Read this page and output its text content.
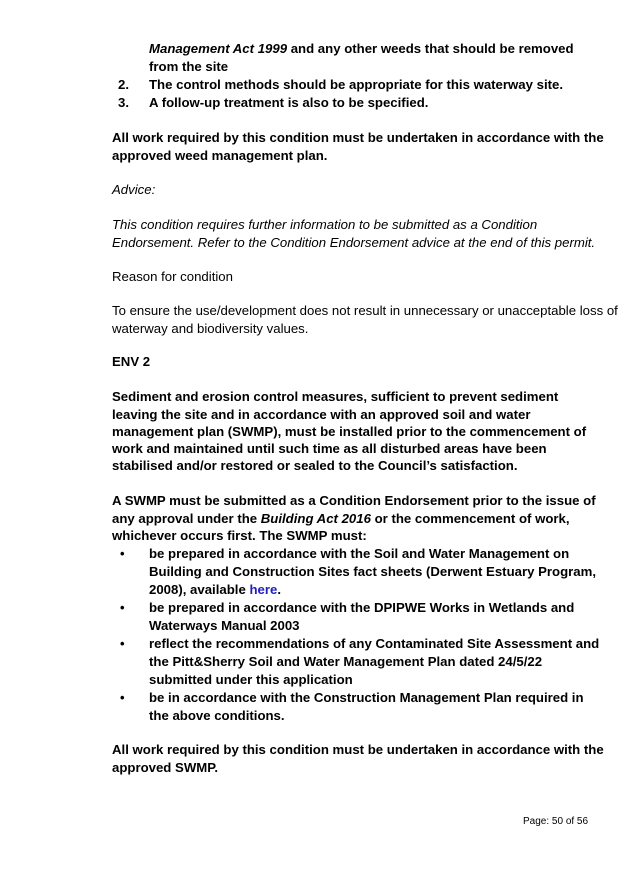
Management Act 1999 and any other weeds that should be removed
from the site
2. The control methods should be appropriate for this waterway site.
3. A follow-up treatment is also to be specified.
All work required by this condition must be undertaken in accordance with the
approved weed management plan.
Advice:
This condition requires further information to be submitted as a Condition
Endorsement. Refer to the Condition Endorsement advice at the end of this permit.
Reason for condition
To ensure the use/development does not result in unnecessary or unacceptable loss of
waterway and biodiversity values.
ENV 2
Sediment and erosion control measures, sufficient to prevent sediment
leaving the site and in accordance with an approved soil and water
management plan (SWMP), must be installed prior to the commencement of
work and maintained until such time as all disturbed areas have been
stabilised and/or restored or sealed to the Council’s satisfaction.
A SWMP must be submitted as a Condition Endorsement prior to the issue of
any approval under the Building Act 2016 or the commencement of work,
whichever occurs first. The SWMP must:
• be prepared in accordance with the Soil and Water Management on
Building and Construction Sites fact sheets (Derwent Estuary Program,
2008), available here.
• be prepared in accordance with the DPIPWE Works in Wetlands and
Waterways Manual 2003
• reflect the recommendations of any Contaminated Site Assessment and
the Pitt&Sherry Soil and Water Management Plan dated 24/5/22
submitted under this application
• be in accordance with the Construction Management Plan required in
the above conditions.
All work required by this condition must be undertaken in accordance with the
approved SWMP.
Page: 50 of 56
